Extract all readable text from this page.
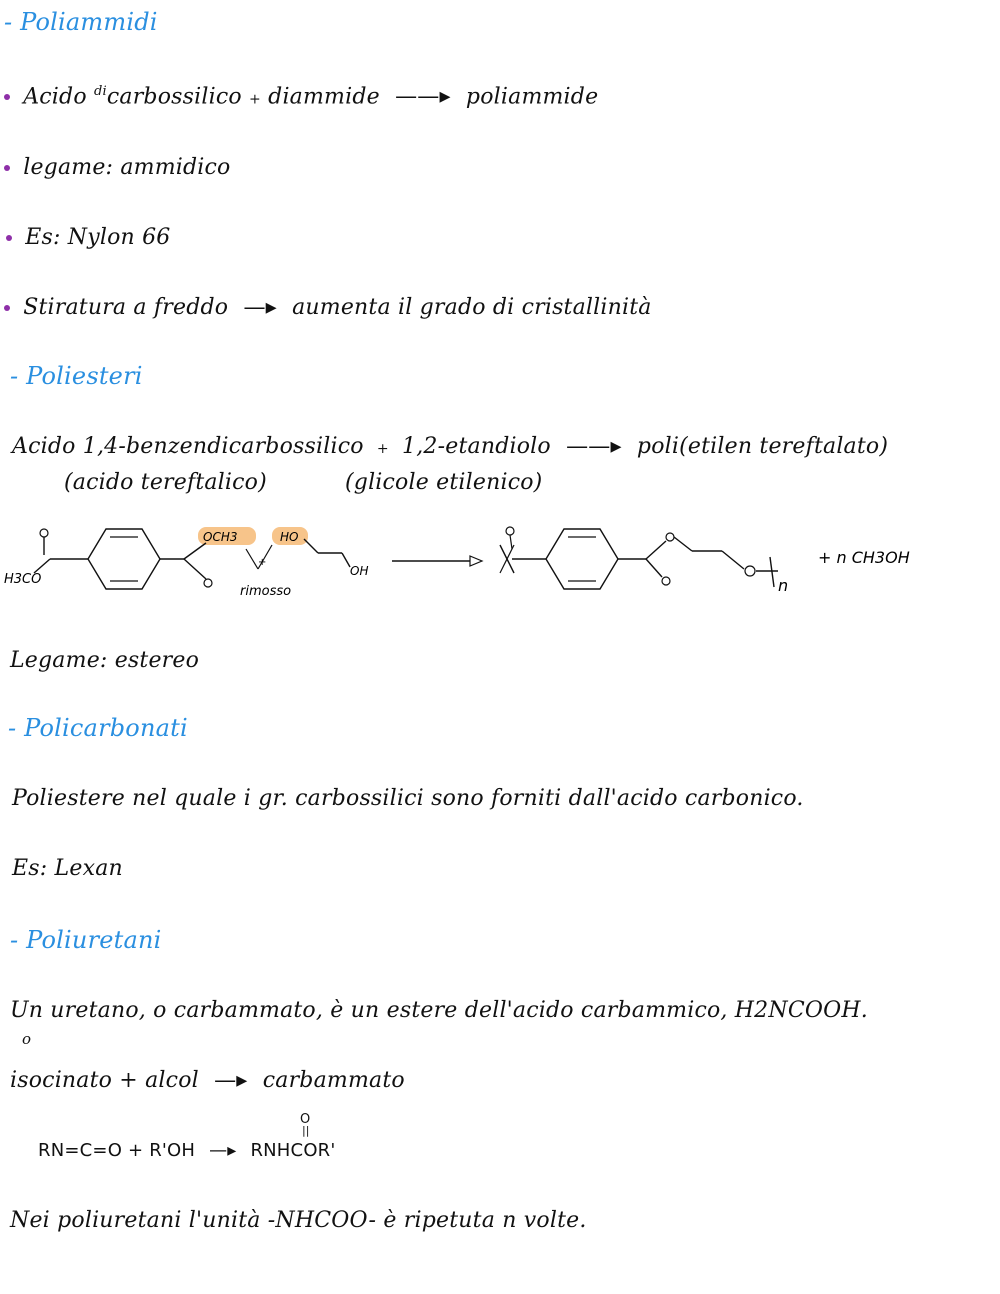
- Poliammidi
Acido $^{di}$carbossilico + diammide ——▸ poliammide
legame: ammidico
Es: Nylon 66
Stiratura a freddo —▸ aumenta il grado di cristallinità
- Poliesteri
Acido 1,4-benzendicarbossilico + 1,2-etandiolo ——▸ poli(etilen tereftalato)
(acido tereftalico)	(glicole etilenico)
H3CO
OCH3
+
rimosso
HO
OH
n
+ n CH3OH
Legame: estereo
- Policarbonati
Poliestere nel quale i gr. carbossilici sono forniti dall'acido carbonico.
Es: Lexan
- Poliuretani
Un uretano, o carbammato, è un estere dell'acido carbammico, H2NCOOH.
o
isocinato + alcol —▸ carbammato
O
||
RN=C=O + R'OH —▸ RNHCOR'
Nei poliuretani l'unità -NHCOO- è ripetuta n volte.
